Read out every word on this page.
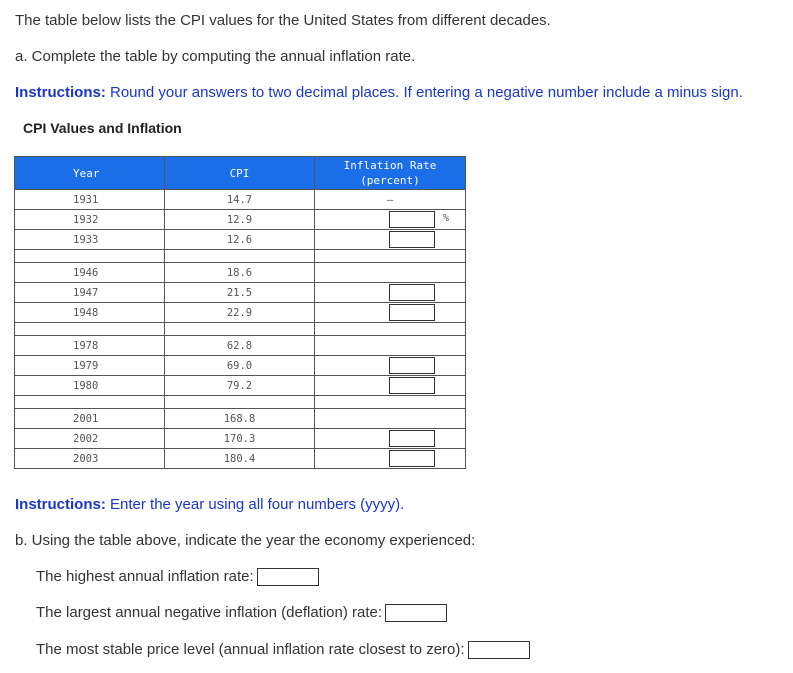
The table below lists the CPI values for the United States from different decades.
a. Complete the table by computing the annual inflation rate.
Instructions: Round your answers to two decimal places. If entering a negative number include a minus sign.
CPI Values and Inflation
Year	CPI	Inflation Rate
(percent)
1931	14.7	—

1932	12.9	%

1933	12.6	

1946	18.6	
1947	21.5	

1948	22.9	

1978	62.8	
1979	69.0	

1980	79.2	

2001	168.8	
2002	170.3	

2003	180.4	
Instructions: Enter the year using all four numbers (yyyy).
b. Using the table above, indicate the year the economy experienced:
The highest annual inflation rate:
The largest annual negative inflation (deflation) rate:
The most stable price level (annual inflation rate closest to zero):
